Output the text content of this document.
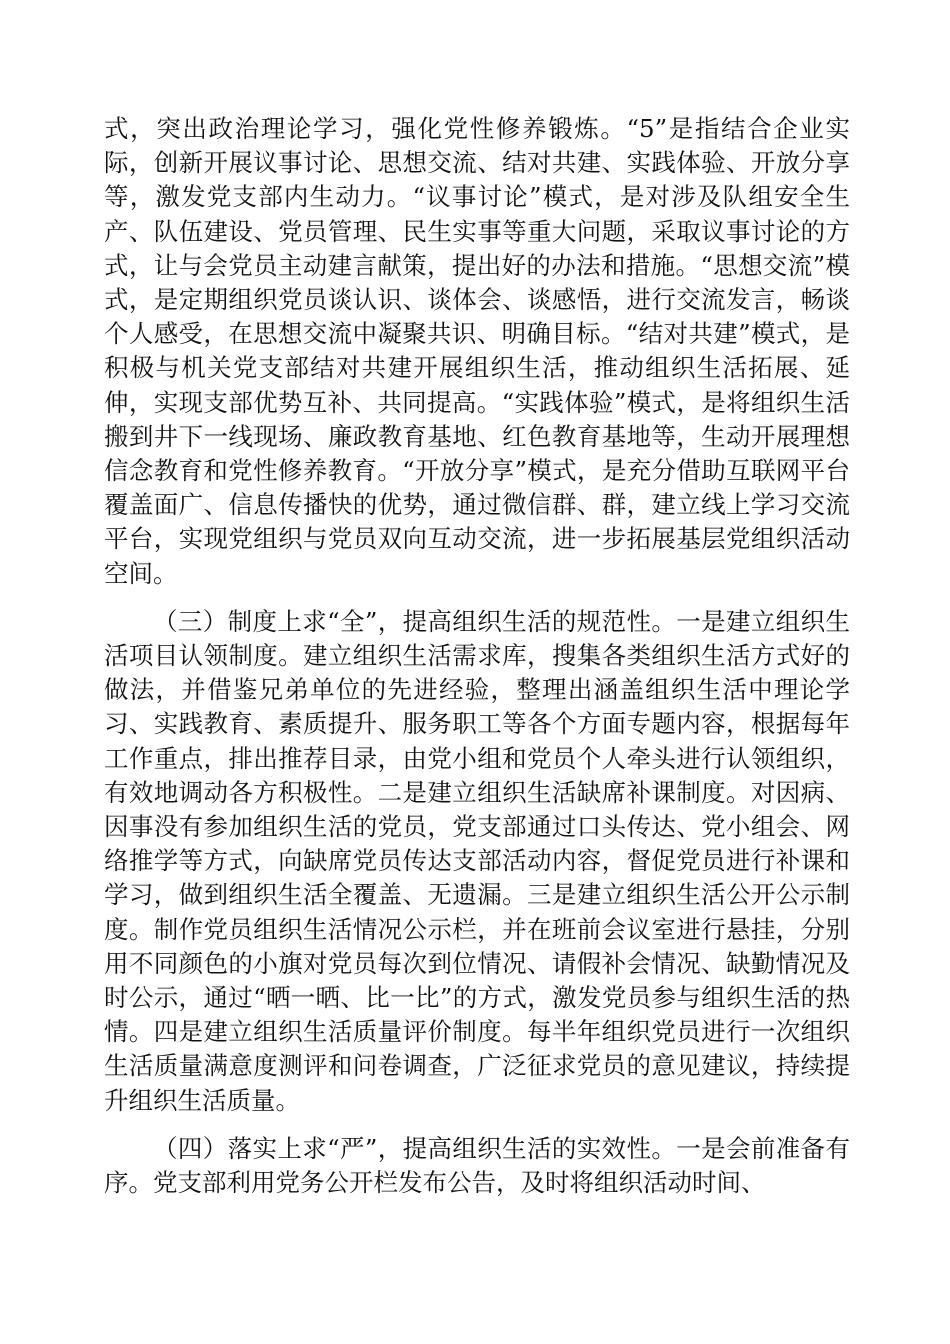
式，突出政治理论学习，强化党性修养锻炼。“5”是指结合企业实际，创新开展议事讨论、思想交流、结对共建、实践体验、开放分享等，激发党支部内生动力。“议事讨论”模式，是对涉及队组安全生产、队伍建设、党员管理、民生实事等重大问题，采取议事讨论的方式，让与会党员主动建言献策，提出好的办法和措施。“思想交流”模式，是定期组织党员谈认识、谈体会、谈感悟，进行交流发言，畅谈个人感受，在思想交流中凝聚共识、明确目标。“结对共建”模式，是积极与机关党支部结对共建开展组织生活，推动组织生活拓展、延伸，实现支部优势互补、共同提高。“实践体验”模式，是将组织生活搬到井下一线现场、廉政教育基地、红色教育基地等，生动开展理想信念教育和党性修养教育。“开放分享”模式，是充分借助互联网平台覆盖面广、信息传播快的优势，通过微信群、群，建立线上学习交流平台，实现党组织与党员双向互动交流，进一步拓展基层党组织活动空间。

（三）制度上求“全”，提高组织生活的规范性。一是建立组织生活项目认领制度。建立组织生活需求库，搜集各类组织生活方式好的做法，并借鉴兄弟单位的先进经验，整理出涵盖组织生活中理论学习、实践教育、素质提升、服务职工等各个方面专题内容，根据每年工作重点，排出推荐目录，由党小组和党员个人牵头进行认领组织，有效地调动各方积极性。二是建立组织生活缺席补课制度。对因病、因事没有参加组织生活的党员，党支部通过口头传达、党小组会、网络推学等方式，向缺席党员传达支部活动内容，督促党员进行补课和学习，做到组织生活全覆盖、无遗漏。三是建立组织生活公开公示制度。制作党员组织生活情况公示栏，并在班前会议室进行悬挂，分别用不同颜色的小旗对党员每次到位情况、请假补会情况、缺勤情况及时公示，通过“晒一晒、比一比”的方式，激发党员参与组织生活的热情。四是建立组织生活质量评价制度。每半年组织党员进行一次组织生活质量满意度测评和问卷调查，广泛征求党员的意见建议，持续提升组织生活质量。

（四）落实上求“严”，提高组织生活的实效性。一是会前准备有序。党支部利用党务公开栏发布公告，及时将组织活动时间、
